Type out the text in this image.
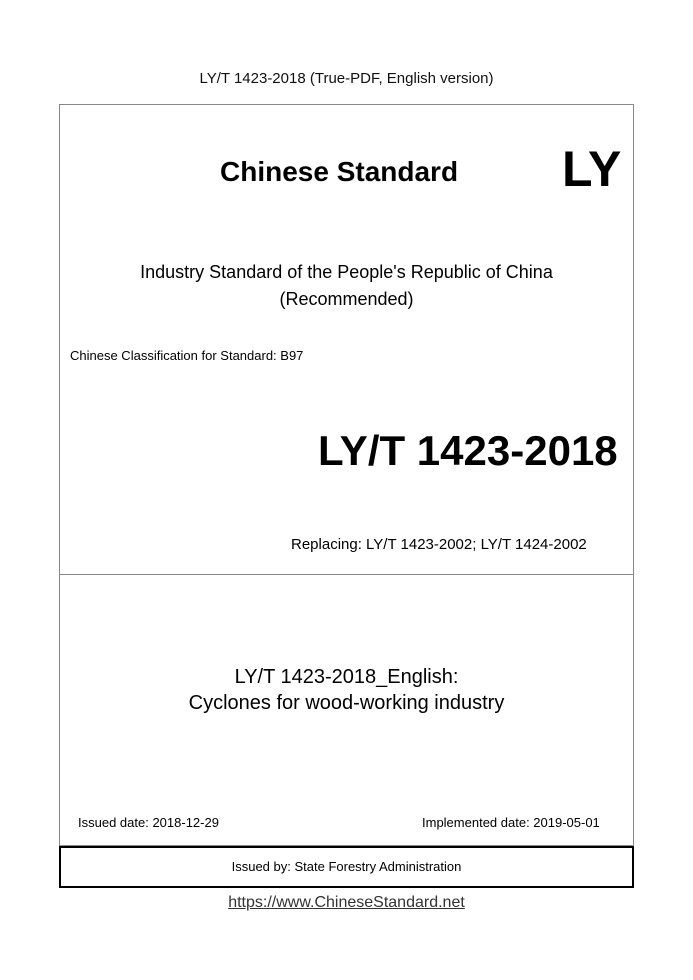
LY/T 1423-2018 (True-PDF, English version)
Chinese Standard LY
Industry Standard of the People's Republic of China
(Recommended)
Chinese Classification for Standard: B97
LY/T 1423-2018
Replacing: LY/T 1423-2002; LY/T 1424-2002
LY/T 1423-2018_English:
Cyclones for wood-working industry
Issued date: 2018-12-29	Implemented date: 2019-05-01
Issued by: State Forestry Administration
https://www.ChineseStandard.net
